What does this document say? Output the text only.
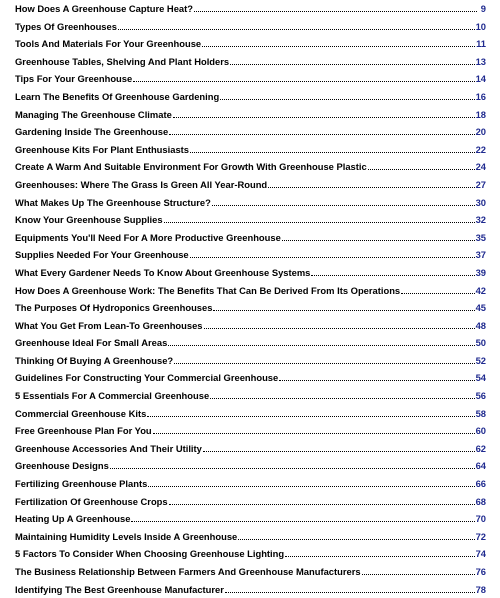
How Does A Greenhouse Capture Heat?	9
Types Of Greenhouses	10
Tools And Materials For Your Greenhouse	11
Greenhouse Tables, Shelving And Plant Holders	13
Tips For Your Greenhouse	14
Learn The Benefits Of Greenhouse Gardening	16
Managing The Greenhouse Climate	18
Gardening Inside The Greenhouse	20
Greenhouse Kits For Plant Enthusiasts	22
Create A Warm And Suitable Environment For Growth With Greenhouse Plastic	24
Greenhouses: Where The Grass Is Green All Year-Round	27
What Makes Up The Greenhouse Structure?	30
Know Your Greenhouse Supplies	32
Equipments You'll Need For A More Productive Greenhouse	35
Supplies Needed For Your Greenhouse	37
What Every Gardener Needs To Know About Greenhouse Systems	39
How Does A Greenhouse Work: The Benefits That Can Be Derived From Its Operations	42
The Purposes Of Hydroponics Greenhouses	45
What You Get From Lean-To Greenhouses	48
Greenhouse Ideal For Small Areas	50
Thinking Of Buying A Greenhouse?	52
Guidelines For Constructing Your Commercial Greenhouse	54
5 Essentials For A Commercial Greenhouse	56
Commercial Greenhouse Kits	58
Free Greenhouse Plan For You	60
Greenhouse Accessories And Their Utility	62
Greenhouse Designs	64
Fertilizing Greenhouse Plants	66
Fertilization Of Greenhouse Crops	68
Heating Up A Greenhouse	70
Maintaining Humidity Levels Inside A Greenhouse	72
5 Factors To Consider When Choosing Greenhouse Lighting	74
The Business Relationship Between Farmers And Greenhouse Manufacturers	76
Identifying The Best Greenhouse Manufacturer	78
